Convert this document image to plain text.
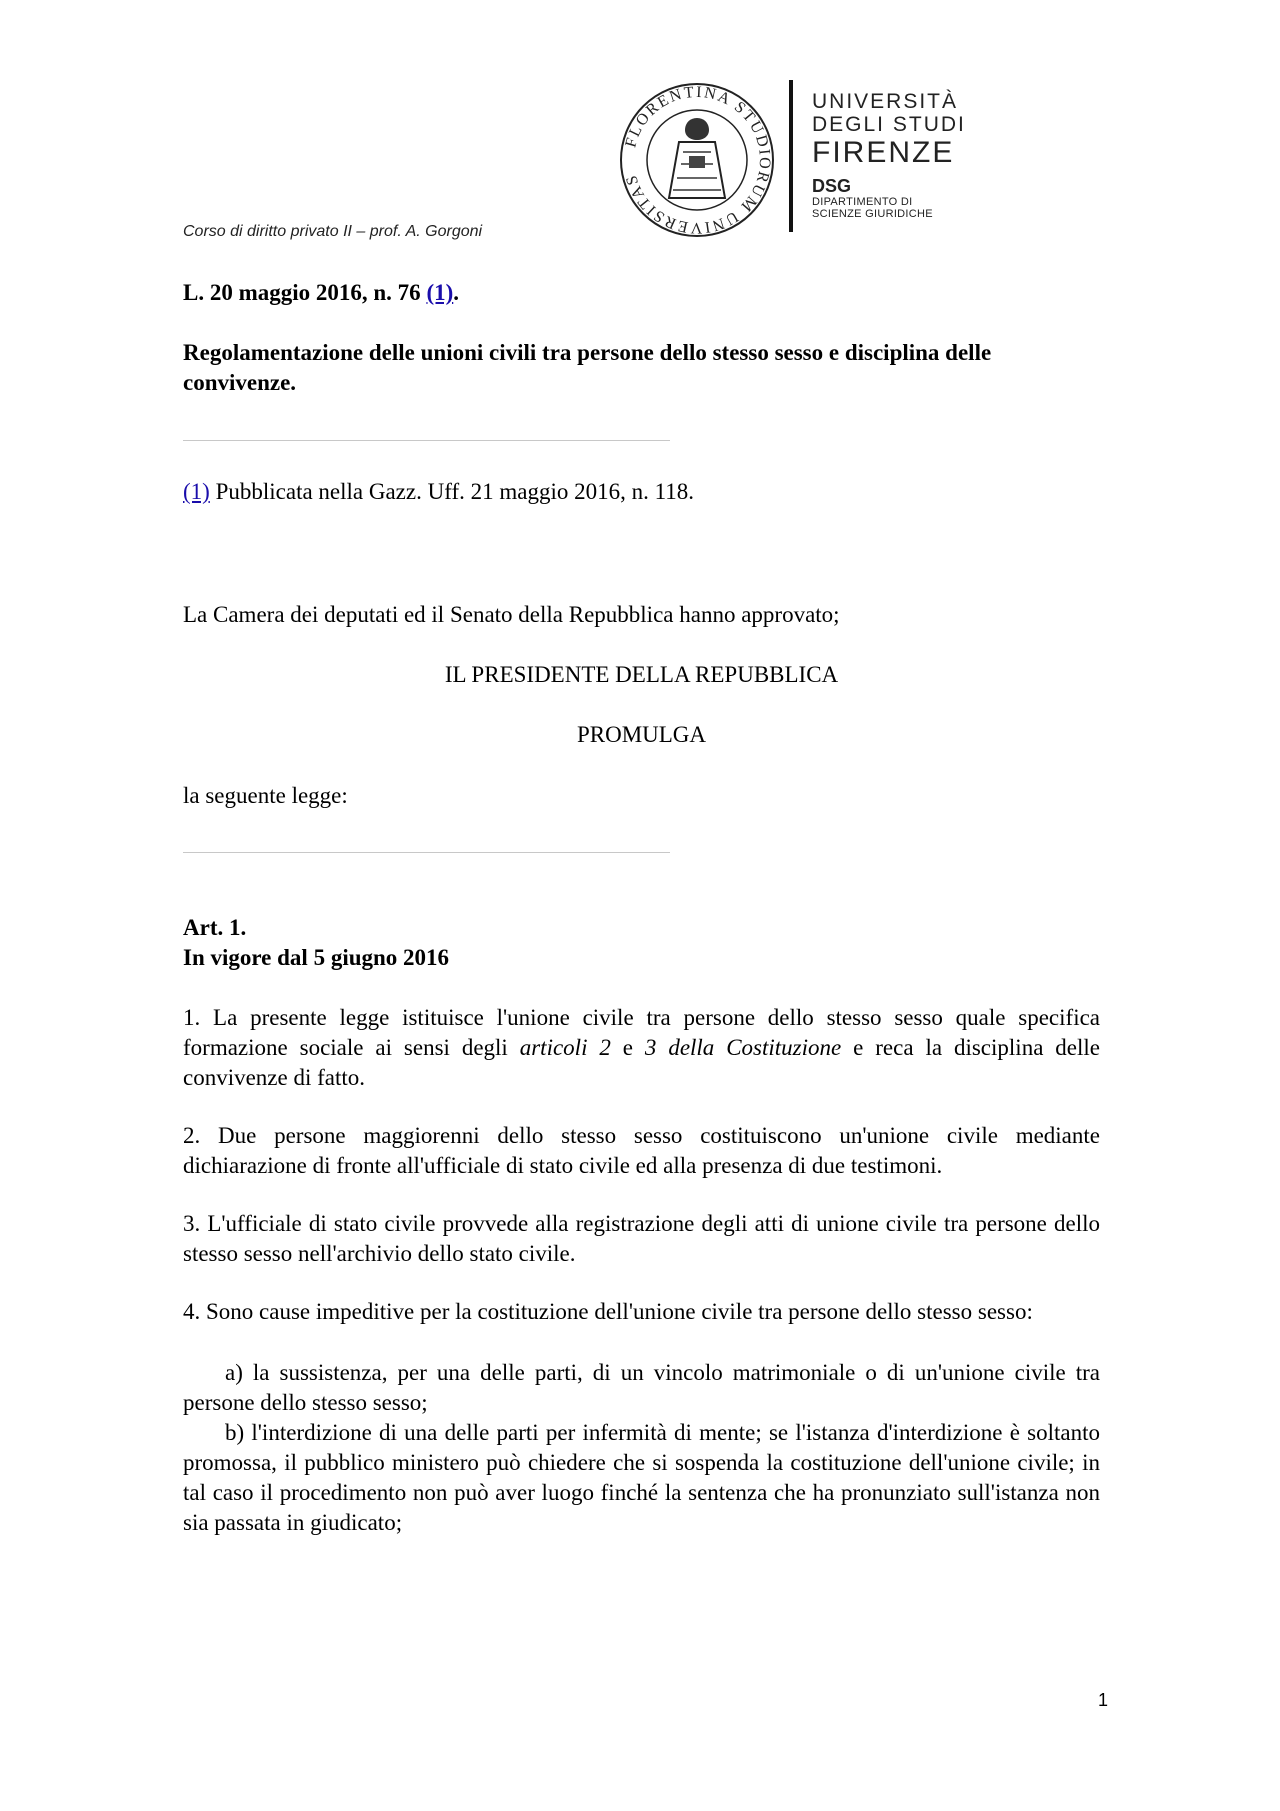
FLORENTINA STUDIORUM UNIVERSITAS
UNIVERSITÀ
DEGLI STUDI
FIRENZE
DSG
DIPARTIMENTO DI
SCIENZE GIURIDICHE
Corso di diritto privato II – prof. A. Gorgoni
L. 20 maggio 2016, n. 76 (1).
Regolamentazione delle unioni civili tra persone dello stesso sesso e disciplina delle convivenze.
(1) Pubblicata nella Gazz. Uff. 21 maggio 2016, n. 118.
La Camera dei deputati ed il Senato della Repubblica hanno approvato;
IL PRESIDENTE DELLA REPUBBLICA
PROMULGA
la seguente legge:
Art. 1.
In vigore dal 5 giugno 2016
1. La presente legge istituisce l'unione civile tra persone dello stesso sesso quale specifica formazione sociale ai sensi degli articoli 2 e 3 della Costituzione e reca la disciplina delle convivenze di fatto.
2. Due persone maggiorenni dello stesso sesso costituiscono un'unione civile mediante dichiarazione di fronte all'ufficiale di stato civile ed alla presenza di due testimoni.
3. L'ufficiale di stato civile provvede alla registrazione degli atti di unione civile tra persone dello stesso sesso nell'archivio dello stato civile.
4. Sono cause impeditive per la costituzione dell'unione civile tra persone dello stesso sesso:
a) la sussistenza, per una delle parti, di un vincolo matrimoniale o di un'unione civile tra persone dello stesso sesso;
b) l'interdizione di una delle parti per infermità di mente; se l'istanza d'interdizione è soltanto promossa, il pubblico ministero può chiedere che si sospenda la costituzione dell'unione civile; in tal caso il procedimento non può aver luogo finché la sentenza che ha pronunziato sull'istanza non sia passata in giudicato;
1
